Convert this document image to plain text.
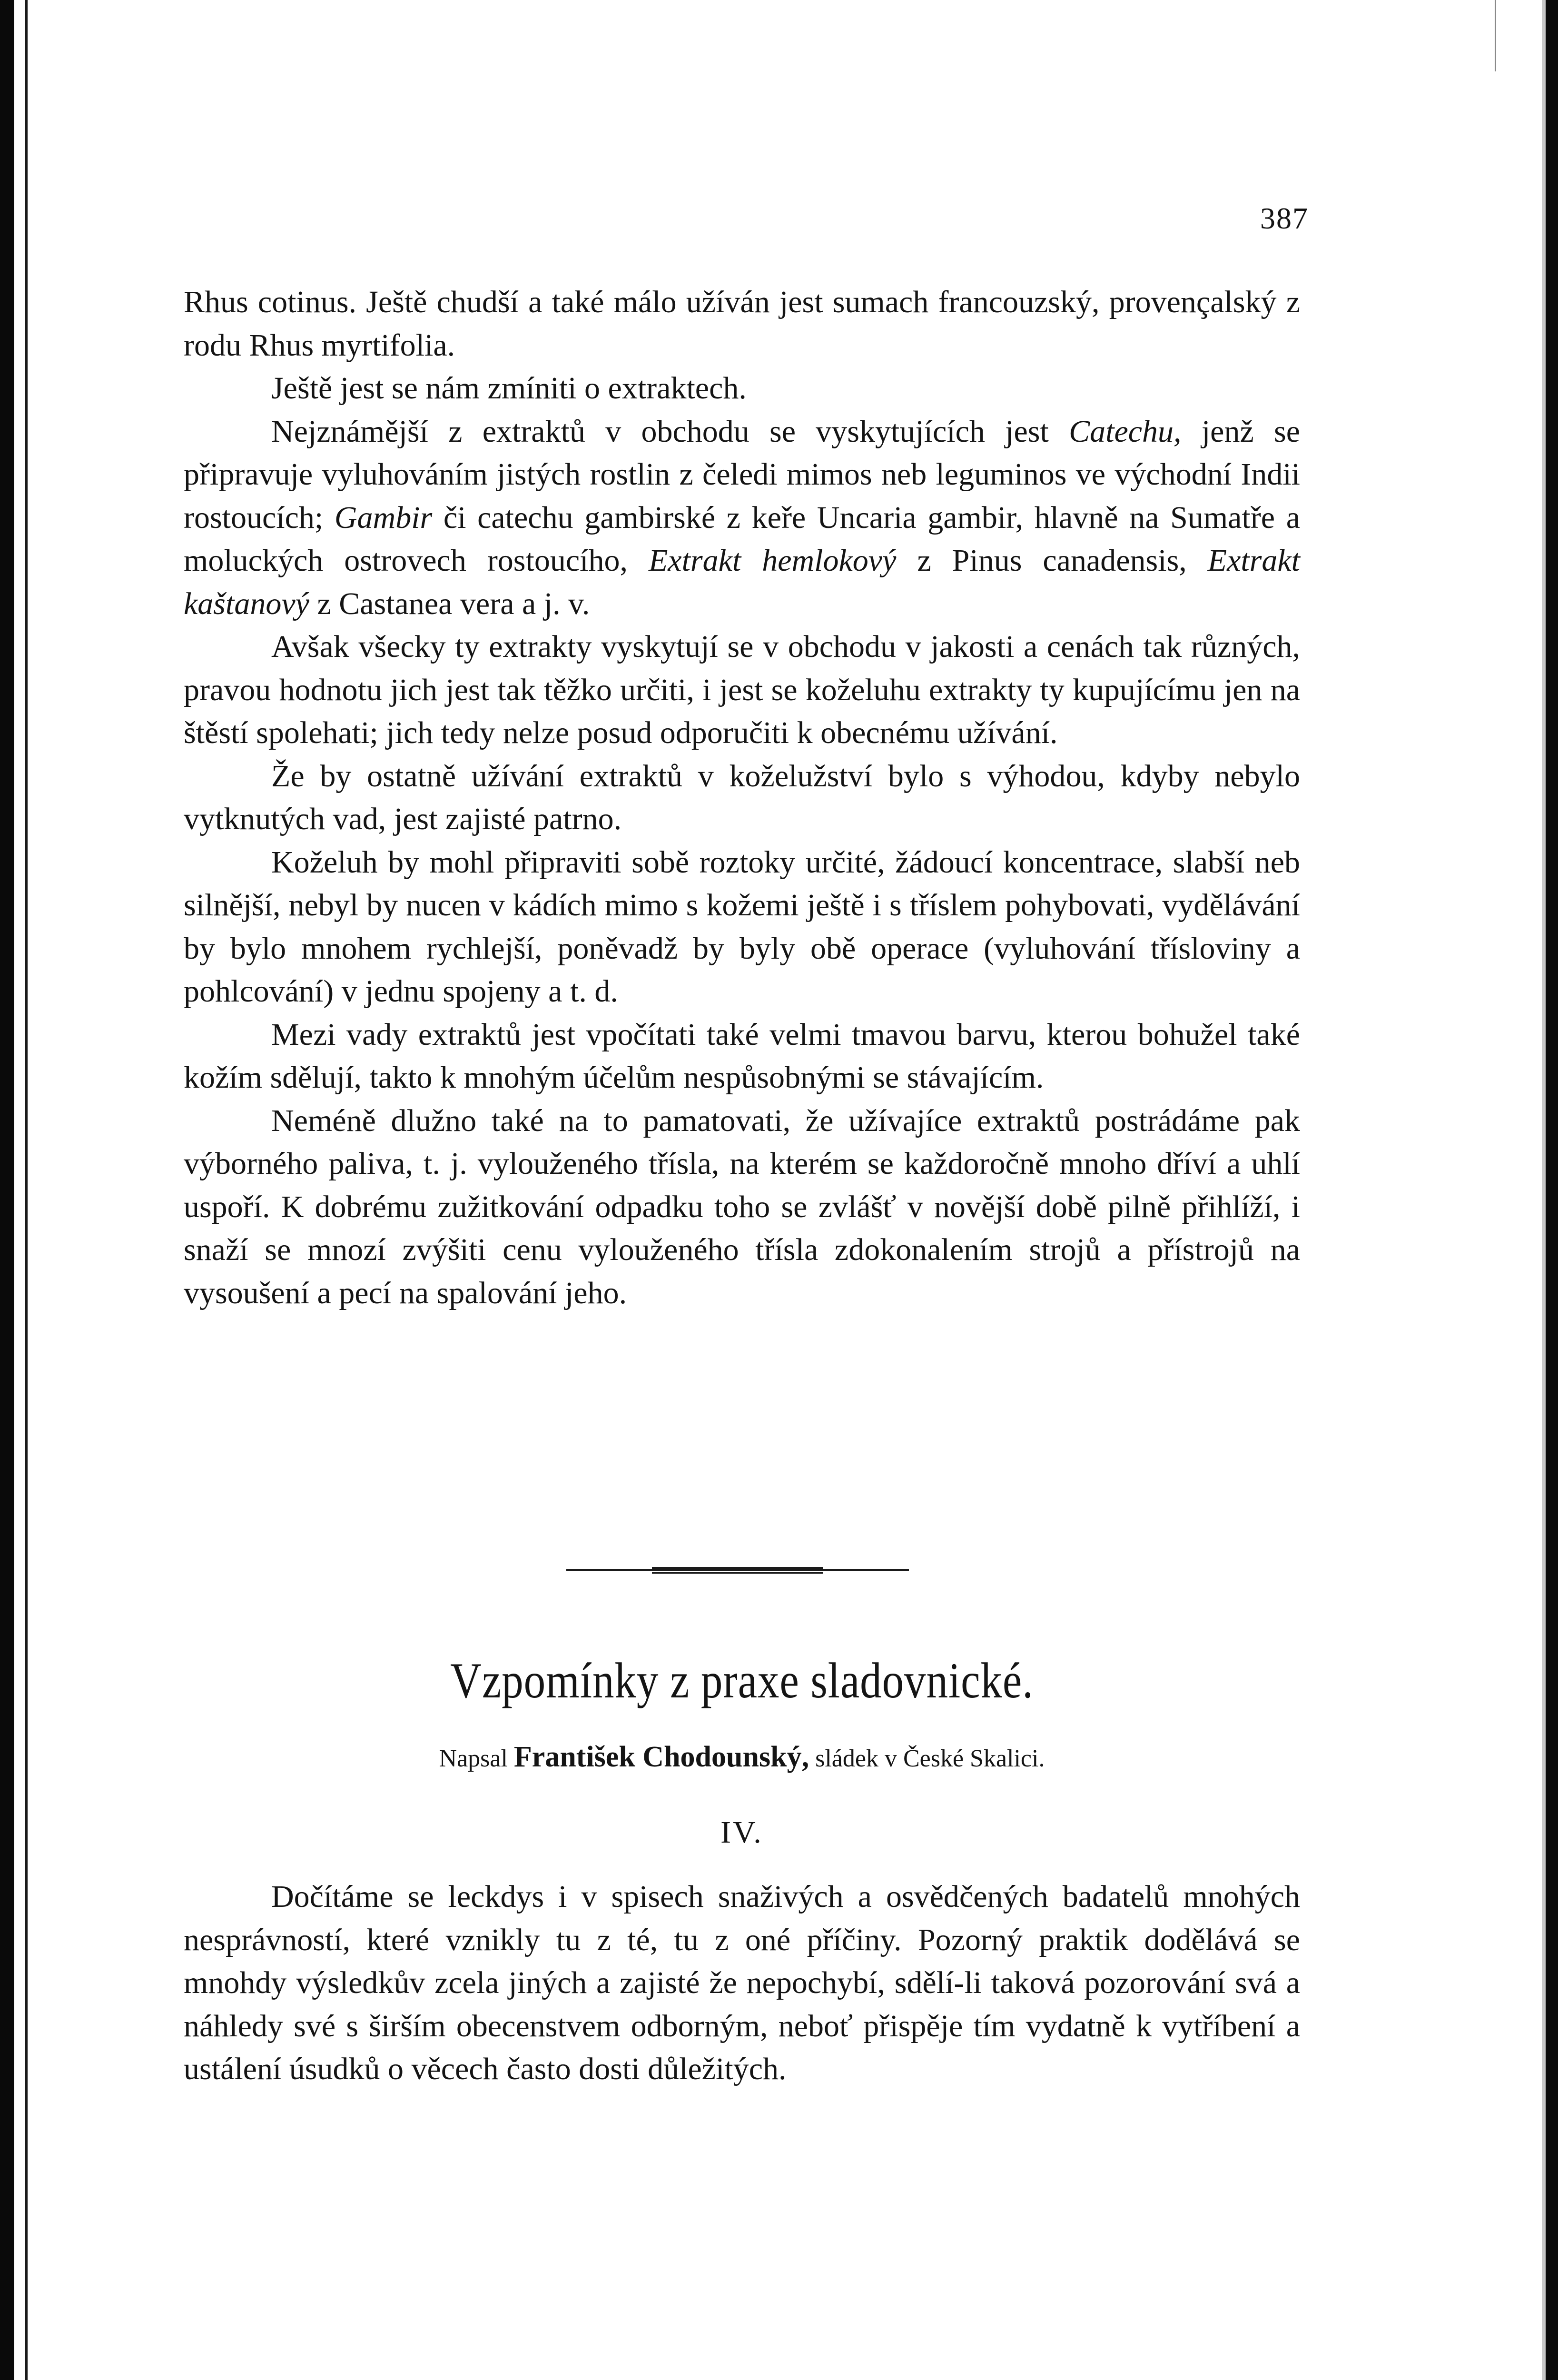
387

Rhus cotinus. Ještě chudší a také málo užíván jest sumach francouzský, provençalský z rodu Rhus myrtifolia.

Ještě jest se nám zmíniti o extraktech.

Nejznámější z extraktů v obchodu se vyskytujících jest Catechu, jenž se připravuje vyluhováním jistých rostlin z čeledi mimos neb leguminos ve východní Indii rostoucích; Gambir či catechu gambirské z keře Uncaria gambir, hlavně na Sumatře a moluckých ostrovech rostoucího, Extrakt hemlokový z Pinus canadensis, Extrakt kaštanový z Castanea vera a j. v.

Avšak všecky ty extrakty vyskytují se v obchodu v jakosti a cenách tak různých, pravou hodnotu jich jest tak těžko určiti, i jest se koželuhu extrakty ty kupujícímu jen na štěstí spolehati; jich tedy nelze posud odporučiti k obecnému užívání.

Že by ostatně užívání extraktů v koželužství bylo s výhodou, kdyby nebylo vytknutých vad, jest zajisté patrno.

Koželuh by mohl připraviti sobě roztoky určité, žádoucí koncentrace, slabší neb silnější, nebyl by nucen v kádích mimo s kožemi ještě i s tříslem pohybovati, vydělávání by bylo mnohem rychlejší, poněvadž by byly obě operace (vyluhování třísloviny a pohlcování) v jednu spojeny a t. d.

Mezi vady extraktů jest vpočítati také velmi tmavou barvu, kterou bohužel také kožím sdělují, takto k mnohým účelům nespůsobnými se stávajícím.

Neméně dlužno také na to pamatovati, že užívajíce extraktů postrádáme pak výborného paliva, t. j. vylouženého třísla, na kterém se každoročně mnoho dříví a uhlí uspoří. K dobrému zužitkování odpadku toho se zvlášť v novější době pilně přihlíží, i snaží se mnozí zvýšiti cenu vylouženého třísla zdokonalením strojů a přístrojů na vysoušení a pecí na spalování jeho.

Vzpomínky z praxe sladovnické.
Napsal František Chodounský, sládek v České Skalici.
IV.

Dočítáme se leckdys i v spisech snaživých a osvědčených badatelů mnohých nesprávností, které vznikly tu z té, tu z oné příčiny. Pozorný praktik dodělává se mnohdy výsledkův zcela jiných a zajisté že nepochybí, sdělí-li taková pozorování svá a náhledy své s širším obecenstvem odborným, neboť přispěje tím vydatně k vytříbení a ustálení úsudků o věcech často dosti důležitých.
